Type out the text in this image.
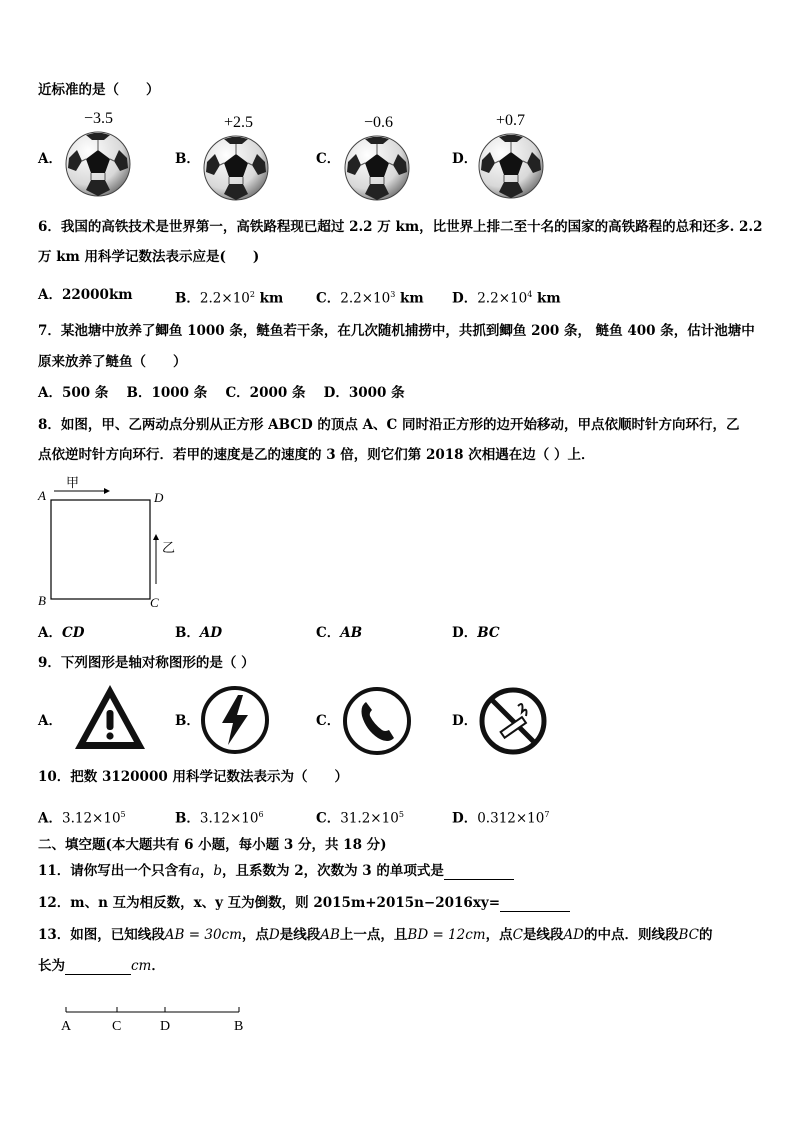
近标准的是（　　）
A．
−3.5
B．
+2.5
C．
−0.6
D．
+0.7
6．我国的高铁技术是世界第一，高铁路程现已超过 2.2 万 km，比世界上排二至十名的国家的高铁路程的总和还多. 2.2
万 km 用科学记数法表示应是(　　)
A．22000km	B．$2.2\times 10^2$ km C．$2.2\times 10^3$ km D．$2.2\times 10^4$ km
7．某池塘中放养了鲫鱼 1000 条，鲢鱼若干条，在几次随机捕捞中，共抓到鲫鱼 200 条， 鲢鱼 400 条，估计池塘中
原来放养了鲢鱼（　　）
A．500 条　 B．1000 条　 C．2000 条　 D．3000 条
8．如图，甲、乙两动点分别从正方形 ABCD 的顶点 A、C 同时沿正方形的边开始移动，甲点依顺时针方向环行，乙
点依逆时针方向环行．若甲的速度是乙的速度的 3 倍，则它们第 2018 次相遇在边（ ）上．
A	D
B	C
甲
乙
A．CD	B．AD	C．AB	D．BC
9．下列图形是轴对称图形的是（ ）
A．	B．	C．	D．
10．把数 3120000 用科学记数法表示为（　　）
A．$3.12\times 10^5$	B．$3.12\times 10^6$	C．$31.2\times 10^5$	D．$0.312\times 10^7$
二、填空题(本大题共有 6 小题，每小题 3 分，共 18 分)
11．请你写出一个只含有a，b，且系数为 2，次数为 3 的单项式是
12．m、n 互为相反数，x、y 互为倒数，则 2015m+2015n−2016xy=
13．如图，已知线段AB = 30cm，点D是线段AB上一点，且BD = 12cm，点C是线段AD的中点．则线段BC的
长为	cm．
A	C	D	B
